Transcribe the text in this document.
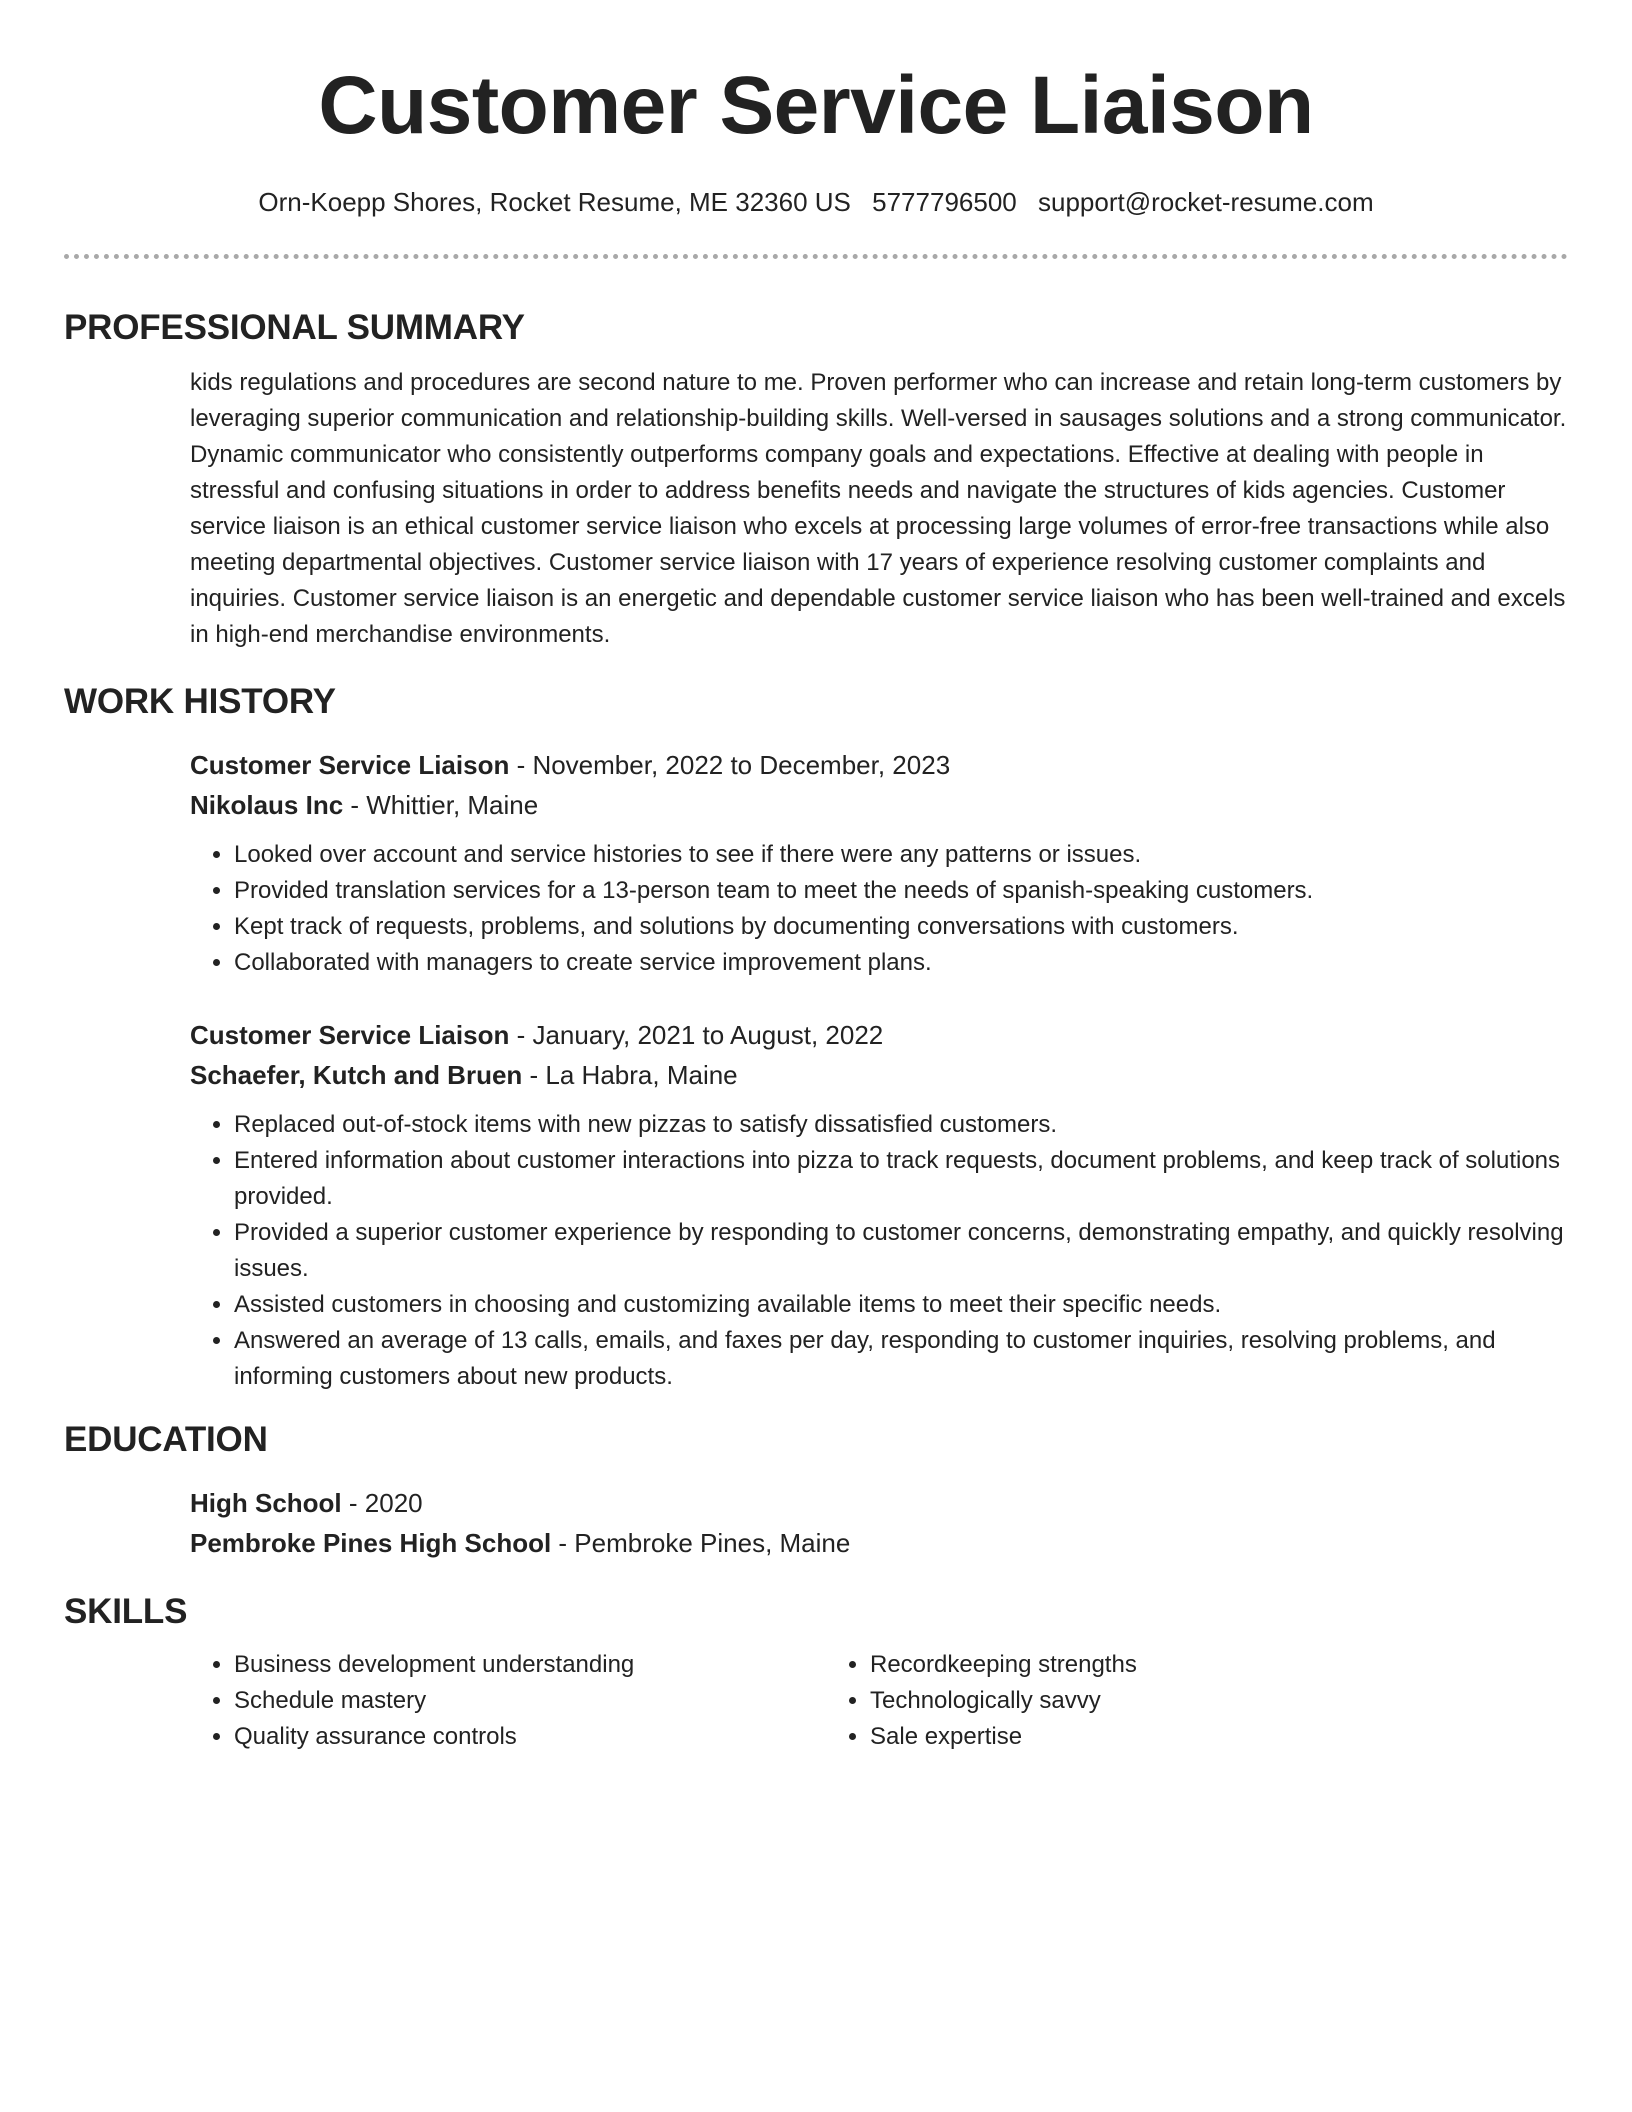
Customer Service Liaison
Orn-Koepp Shores, Rocket Resume, ME 32360 US 5777796500 support@rocket-resume.com
PROFESSIONAL SUMMARY
kids regulations and procedures are second nature to me. Proven performer who can increase and retain long-term customers by leveraging superior communication and relationship-building skills. Well-versed in sausages solutions and a strong communicator. Dynamic communicator who consistently outperforms company goals and expectations. Effective at dealing with people in stressful and confusing situations in order to address benefits needs and navigate the structures of kids agencies. Customer service liaison is an ethical customer service liaison who excels at processing large volumes of error-free transactions while also meeting departmental objectives. Customer service liaison with 17 years of experience resolving customer complaints and inquiries. Customer service liaison is an energetic and dependable customer service liaison who has been well-trained and excels in high-end merchandise environments.
WORK HISTORY
Customer Service Liaison - November, 2022 to December, 2023
Nikolaus Inc - Whittier, Maine
• Looked over account and service histories to see if there were any patterns or issues.
• Provided translation services for a 13-person team to meet the needs of spanish-speaking customers.
• Kept track of requests, problems, and solutions by documenting conversations with customers.
• Collaborated with managers to create service improvement plans.
Customer Service Liaison - January, 2021 to August, 2022
Schaefer, Kutch and Bruen - La Habra, Maine
• Replaced out-of-stock items with new pizzas to satisfy dissatisfied customers.
• Entered information about customer interactions into pizza to track requests, document problems, and keep track of solutions provided.
• Provided a superior customer experience by responding to customer concerns, demonstrating empathy, and quickly resolving issues.
• Assisted customers in choosing and customizing available items to meet their specific needs.
• Answered an average of 13 calls, emails, and faxes per day, responding to customer inquiries, resolving problems, and informing customers about new products.
EDUCATION
High School - 2020
Pembroke Pines High School - Pembroke Pines, Maine
SKILLS
• Business development understanding
• Schedule mastery
• Quality assurance controls
• Recordkeeping strengths
• Technologically savvy
• Sale expertise
